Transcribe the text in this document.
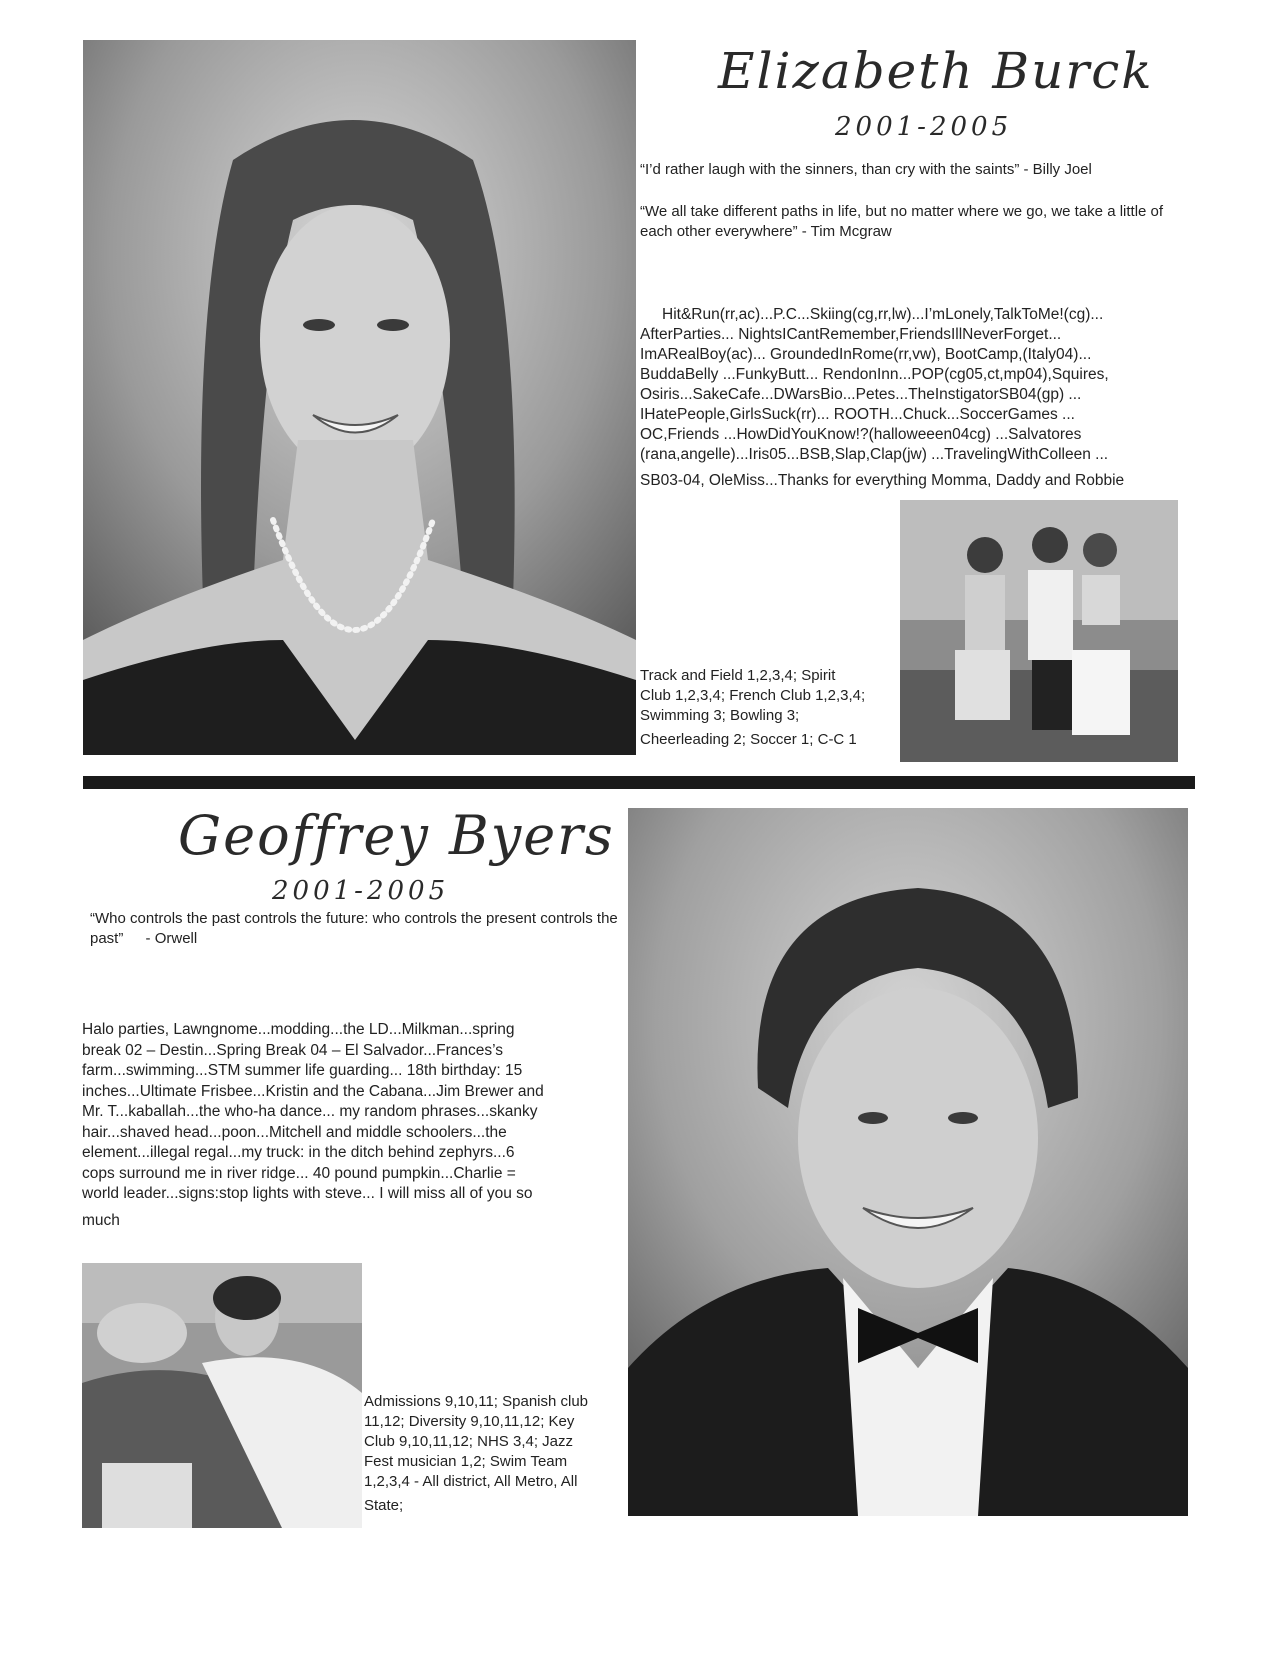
Elizabeth Burck
2001-2005
“I’d rather laugh with the sinners, than cry with the saints” - Billy Joel
“We all take different paths in life, but no matter where we go, we take a little of each other everywhere” - Tim Mcgraw
Hit&Run(rr,ac)...P.C...Skiing(cg,rr,lw)...I’mLonely,TalkToMe!(cg)...
AfterParties... NightsICantRemember,FriendsIllNeverForget...
ImARealBoy(ac)... GroundedInRome(rr,vw), BootCamp,(Italy04)...
BuddaBelly ...FunkyButt... RendonInn...POP(cg05,ct,mp04),Squires,
Osiris...SakeCafe...DWarsBio...Petes...TheInstigatorSB04(gp) ...
IHatePeople,GirlsSuck(rr)... ROOTH...Chuck...SoccerGames ...
OC,Friends ...HowDidYouKnow!?(halloweeen04cg) ...Salvatores
(rana,angelle)...Iris05...BSB,Slap,Clap(jw) ...TravelingWithColleen ...
SB03-04, OleMiss...Thanks for everything Momma, Daddy and Robbie
Track and Field 1,2,3,4; Spirit
Club 1,2,3,4; French Club 1,2,3,4;
Swimming 3; Bowling 3;
Cheerleading 2; Soccer 1; C-C 1
Geoffrey Byers
2001-2005
“Who controls the past controls the future: who controls the present controls the past” - Orwell
Halo parties, Lawngnome...modding...the LD...Milkman...spring
break 02 – Destin...Spring Break 04 – El Salvador...Frances’s
farm...swimming...STM summer life guarding... 18th birthday: 15
inches...Ultimate Frisbee...Kristin and the Cabana...Jim Brewer and
Mr. T...kaballah...the who-ha dance... my random phrases...skanky
hair...shaved head...poon...Mitchell and middle schoolers...the
element...illegal regal...my truck: in the ditch behind zephyrs...6
cops surround me in river ridge... 40 pound pumpkin...Charlie =
world leader...signs:stop lights with steve... I will miss all of you so
much
Admissions 9,10,11; Spanish club
11,12; Diversity 9,10,11,12; Key
Club 9,10,11,12; NHS 3,4; Jazz
Fest musician 1,2; Swim Team
1,2,3,4 - All district, All Metro, All
State;
